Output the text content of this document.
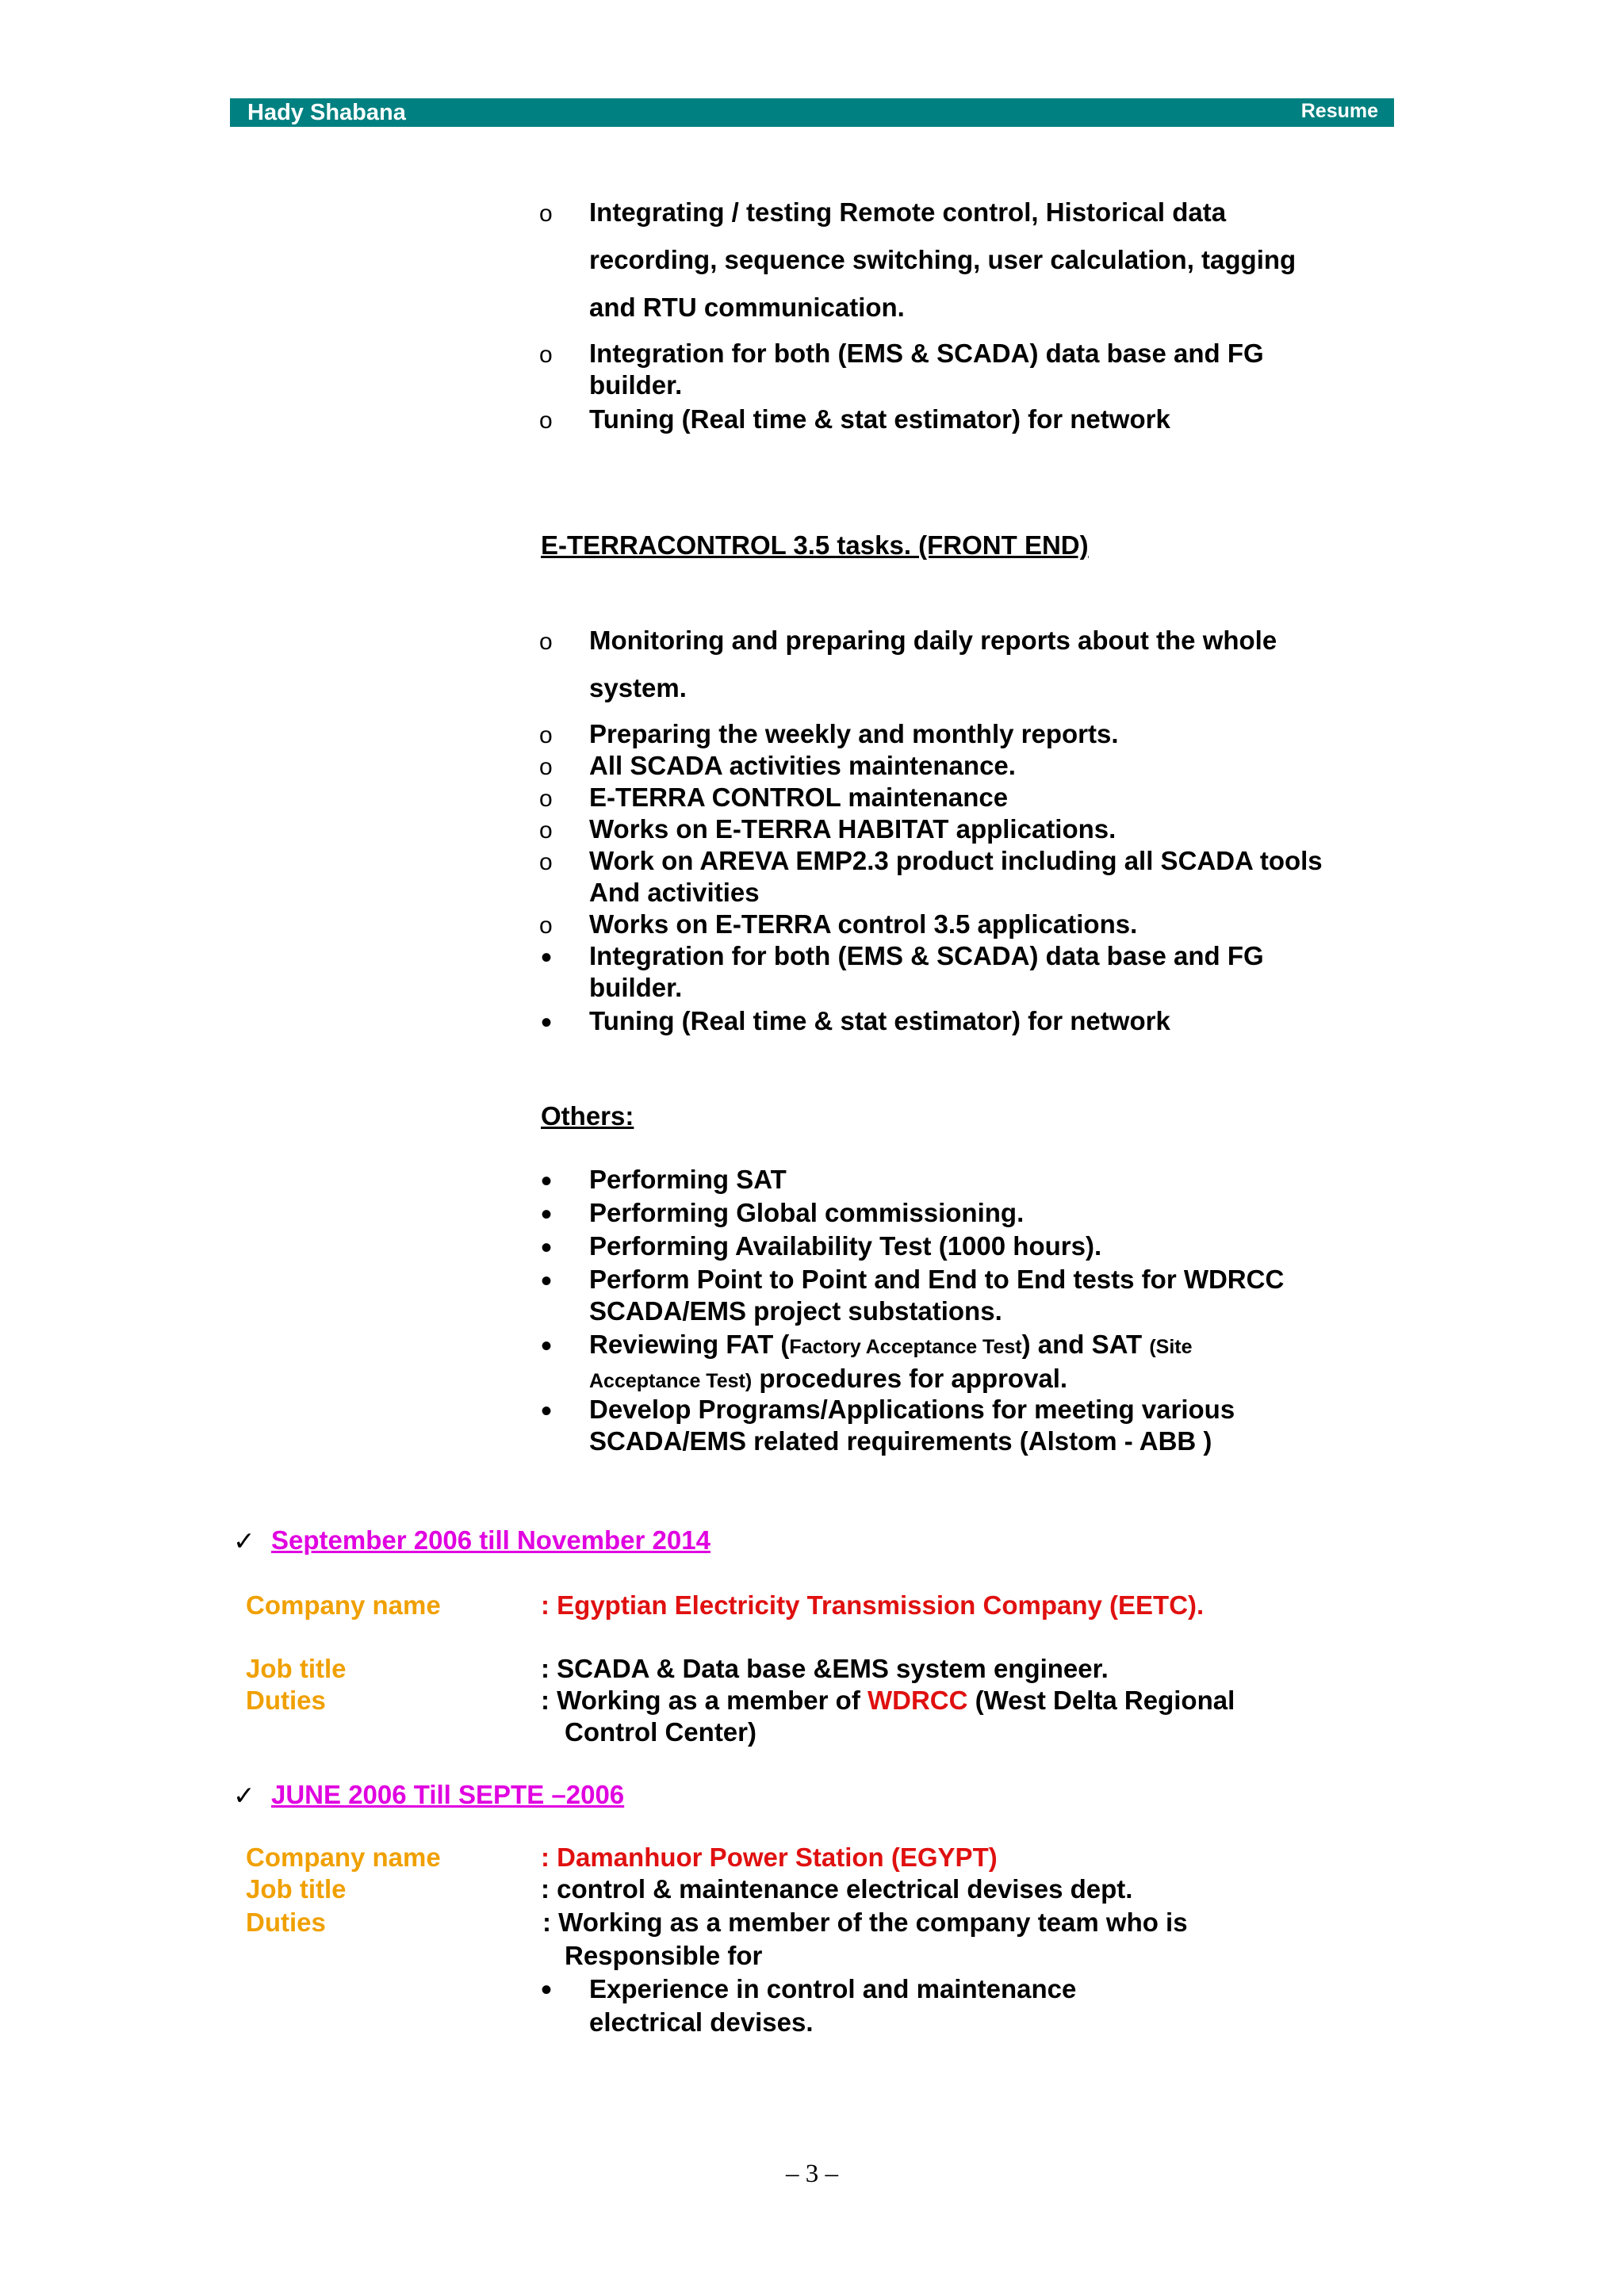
Hady Shabana	Resume
o Integrating / testing Remote control, Historical data
recording, sequence switching, user calculation, tagging
and RTU communication.
o Integration for both (EMS & SCADA) data base and FG
builder.
o Tuning (Real time & stat estimator) for network
E-TERRACONTROL 3.5 tasks. (FRONT END)
o Monitoring and preparing daily reports about the whole
system.
o Preparing the weekly and monthly reports.
o All SCADA activities maintenance.
o E-TERRA CONTROL maintenance
o Works on E-TERRA HABITAT applications.
o Work on AREVA EMP2.3 product including all SCADA tools
And activities
o Works on E-TERRA control 3.5 applications.
• Integration for both (EMS & SCADA) data base and FG
builder.
• Tuning (Real time & stat estimator) for network
Others:
• Performing SAT
• Performing Global commissioning.
• Performing Availability Test (1000 hours).
• Perform Point to Point and End to End tests for WDRCC
SCADA/EMS project substations.
• Reviewing FAT (Factory Acceptance Test) and SAT (Site
Acceptance Test) procedures for approval.
• Develop Programs/Applications for meeting various
SCADA/EMS related requirements (Alstom - ABB )
✓ September 2006 till November 2014
Company name	: Egyptian Electricity Transmission Company (EETC).
Job title	: SCADA & Data base &EMS system engineer.
Duties	: Working as a member of WDRCC (West Delta Regional
Control Center)
✓ JUNE 2006 Till SEPTE –2006
Company name	: Damanhuor Power Station (EGYPT)
Job title	: control & maintenance electrical devises dept.
Duties	: Working as a member of the company team who is
Responsible for
• Experience in control and maintenance
electrical devises.
– 3 –
